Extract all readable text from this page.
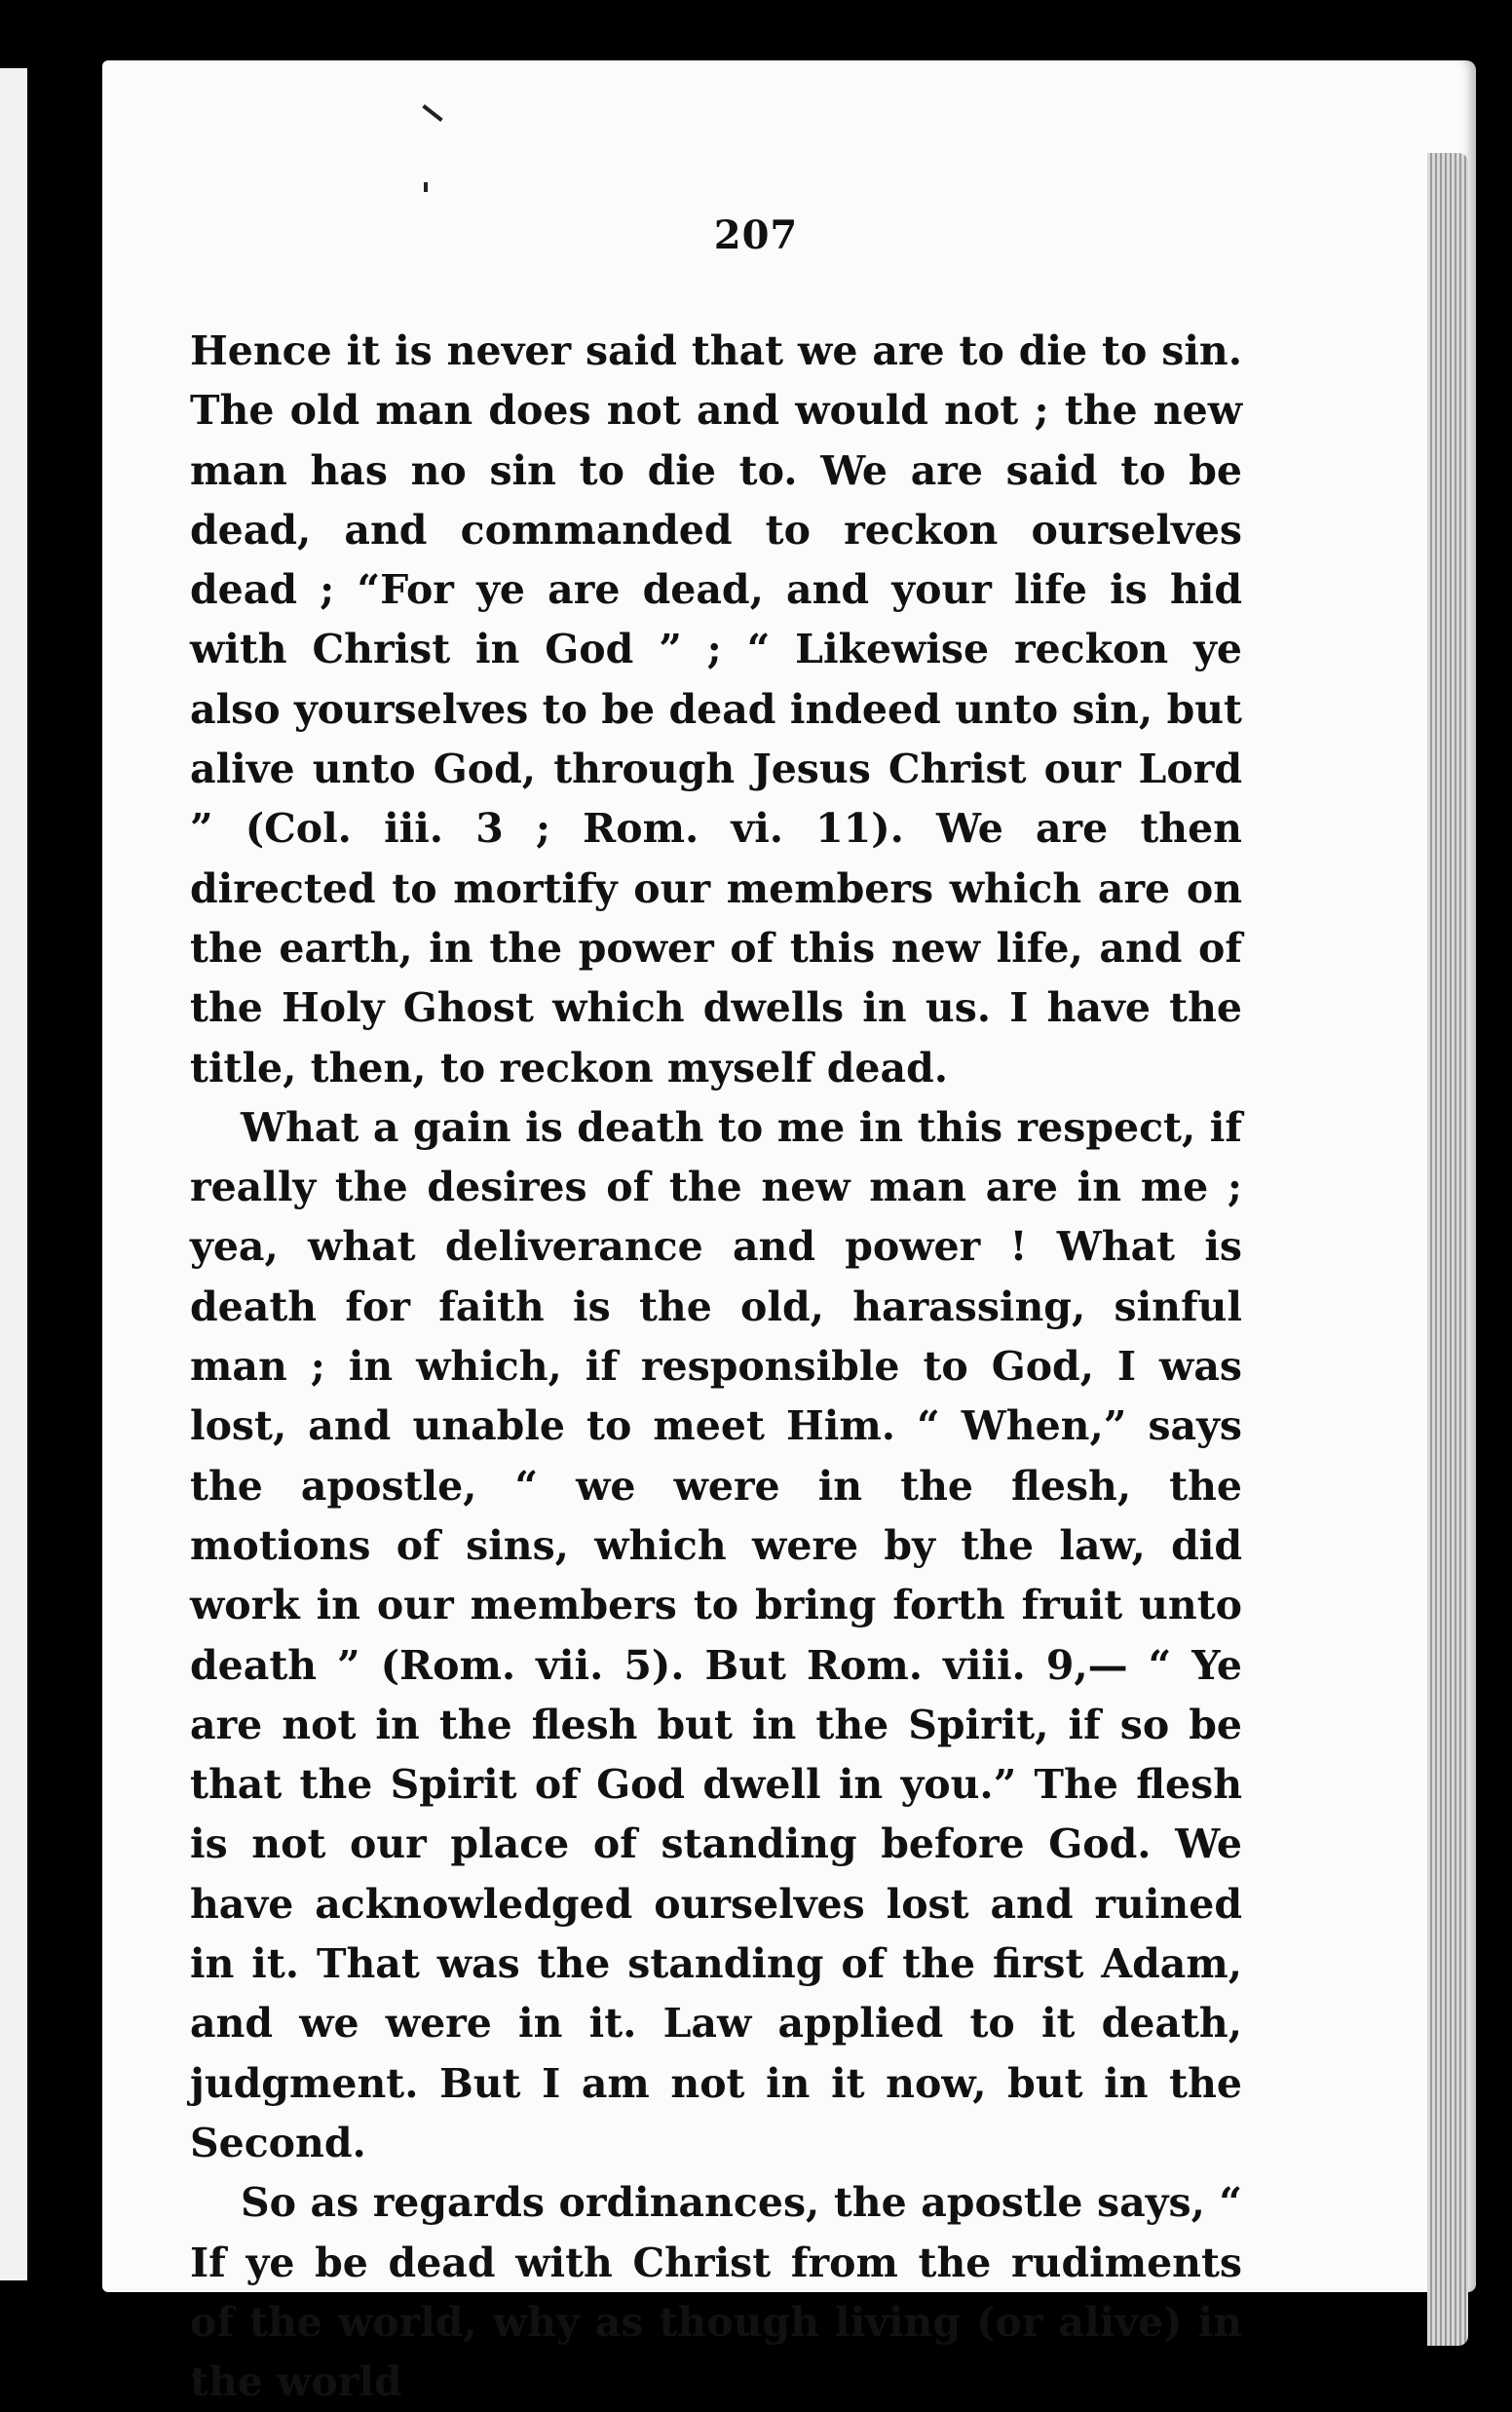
207

Hence it is never said that we are to die to sin. The old man does not and would not ; the new man has no sin to die to. We are said to be dead, and commanded to reckon ourselves dead ; “For ye are dead, and your life is hid with Christ in God ” ; “ Likewise reckon ye also yourselves to be dead indeed unto sin, but alive unto God, through Jesus Christ our Lord ” (Col. iii. 3 ; Rom. vi. 11). We are then directed to mortify our members which are on the earth, in the power of this new life, and of the Holy Ghost which dwells in us. I have the title, then, to reckon myself dead.

What a gain is death to me in this respect, if really the desires of the new man are in me ; yea, what deliverance and power ! What is death for faith is the old, harassing, sinful man ; in which, if responsible to God, I was lost, and unable to meet Him. “ When,” says the apostle, “ we were in the flesh, the motions of sins, which were by the law, did work in our members to bring forth fruit unto death ” (Rom. vii. 5). But Rom. viii. 9,— “ Ye are not in the flesh but in the Spirit, if so be that the Spirit of God dwell in you.” The flesh is not our place of standing before God. We have acknowledged ourselves lost and ruined in it. That was the standing of the first Adam, and we were in it. Law applied to it death, judgment. But I am not in it now, but in the Second.

So as regards ordinances, the apostle says, “ If ye be dead with Christ from the rudiments of the world, why as though living (or alive) in the world
